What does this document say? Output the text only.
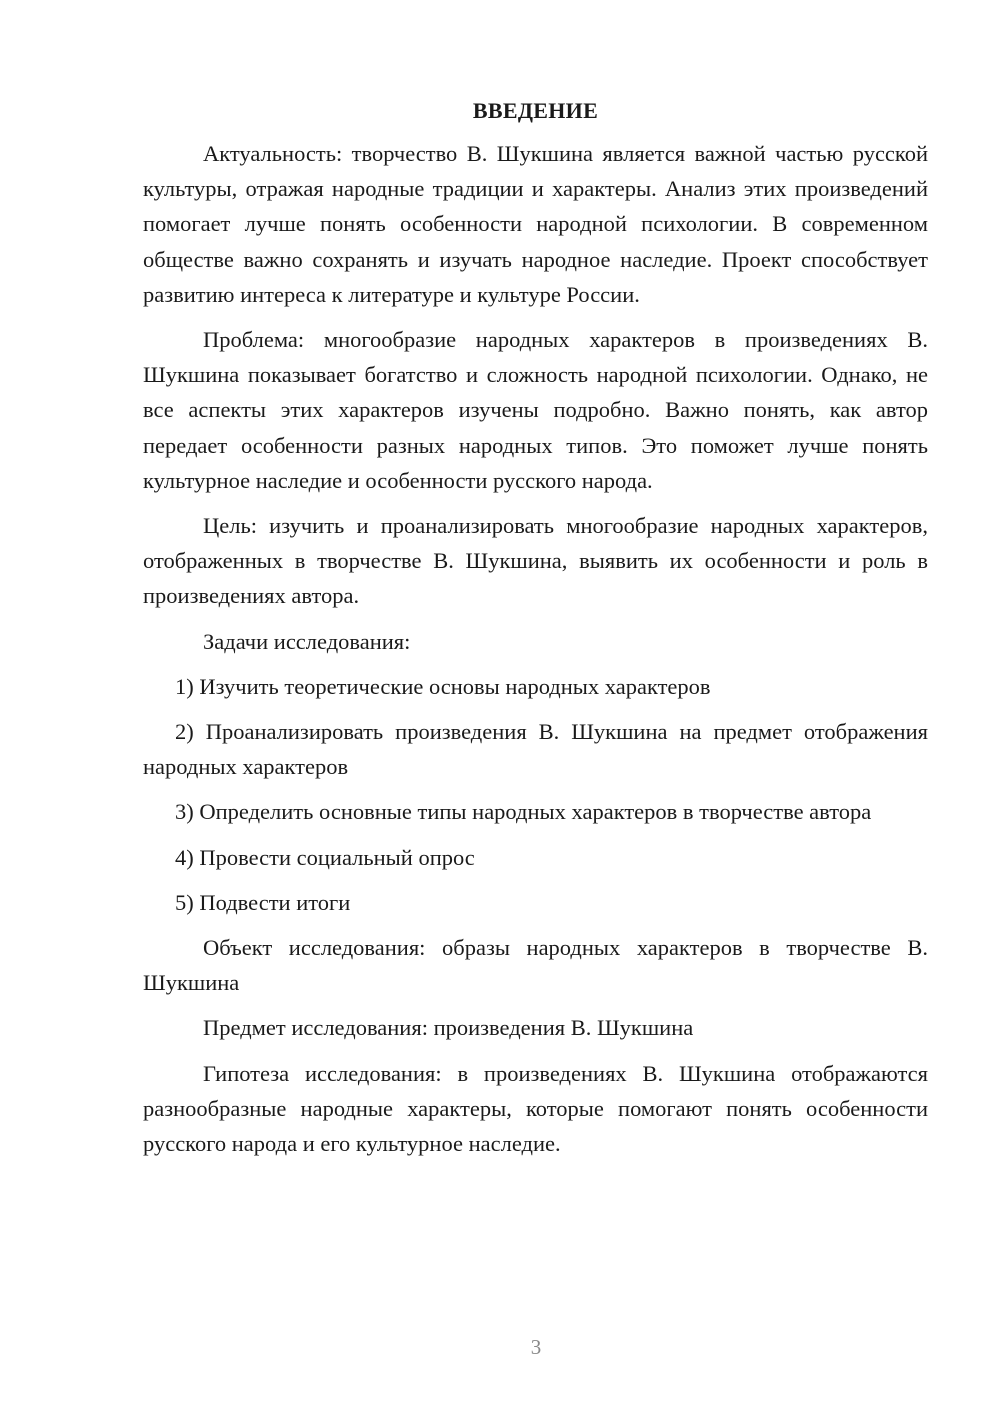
ВВЕДЕНИЕ

Актуальность: творчество В. Шукшина является важной частью русской культуры, отражая народные традиции и характеры. Анализ этих произведений помогает лучше понять особенности народной психологии. В современном обществе важно сохранять и изучать народное наследие. Проект способствует развитию интереса к литературе и культуре России.

Проблема: многообразие народных характеров в произведениях В. Шукшина показывает богатство и сложность народной психологии. Однако, не все аспекты этих характеров изучены подробно. Важно понять, как автор передает особенности разных народных типов. Это поможет лучше понять культурное наследие и особенности русского народа.

Цель: изучить и проанализировать многообразие народных характеров, отображенных в творчестве В. Шукшина, выявить их особенности и роль в произведениях автора.

Задачи исследования:

1) Изучить теоретические основы народных характеров
2) Проанализировать произведения В. Шукшина на предмет отображения народных характеров
3) Определить основные типы народных характеров в творчестве автора
4) Провести социальный опрос
5) Подвести итоги

Объект исследования: образы народных характеров в творчестве В. Шукшина

Предмет исследования: произведения В. Шукшина

Гипотеза исследования: в произведениях В. Шукшина отображаются разнообразные народные характеры, которые помогают понять особенности русского народа и его культурное наследие.

3
